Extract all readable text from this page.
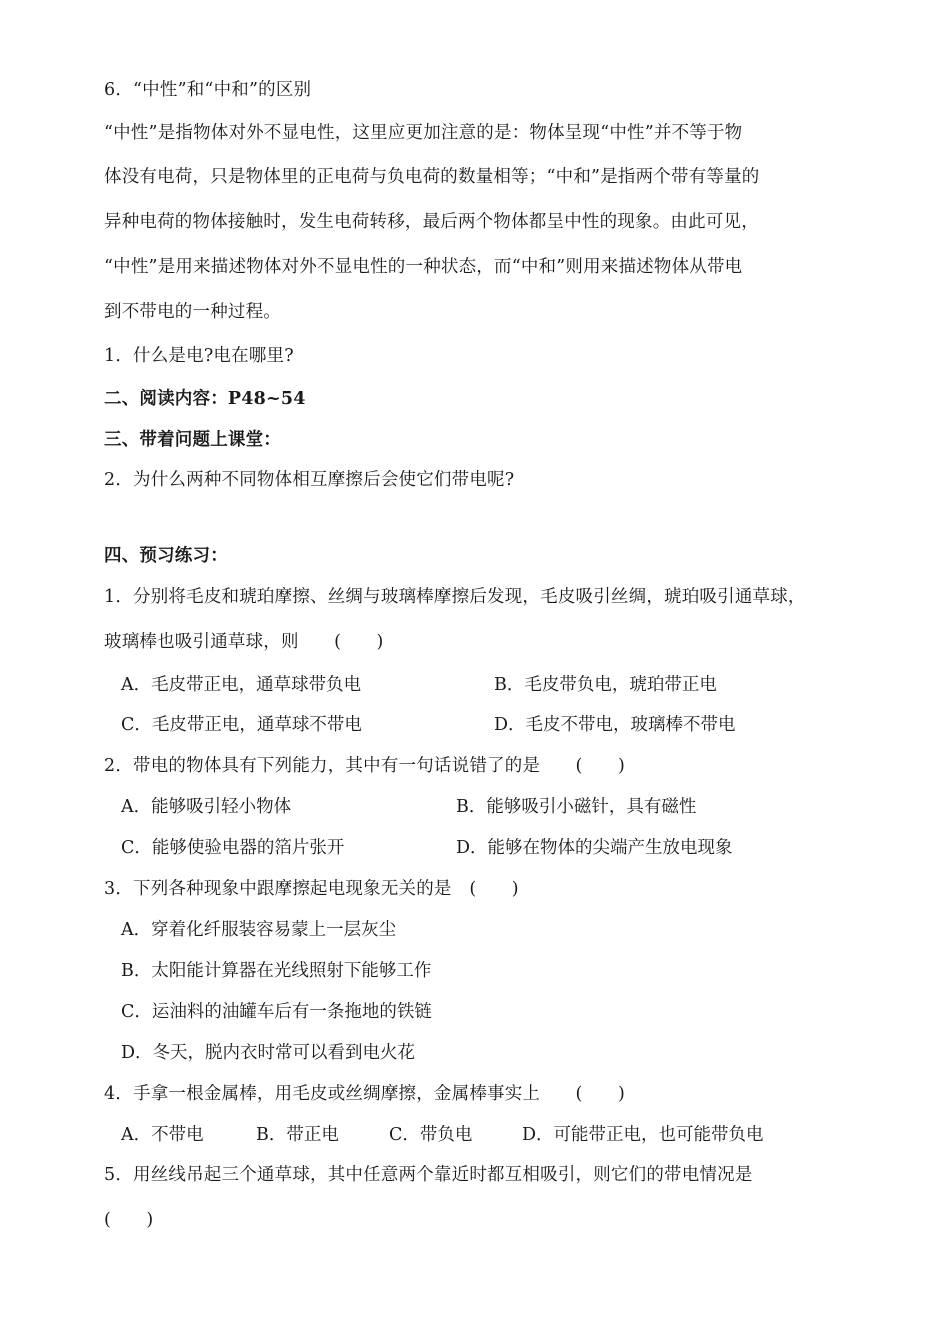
6．“中性”和“中和”的区别
“中性”是指物体对外不显电性，这里应更加注意的是：物体呈现“中性”并不等于物
体没有电荷，只是物体里的正电荷与负电荷的数量相等；“中和”是指两个带有等量的
异种电荷的物体接触时，发生电荷转移，最后两个物体都呈中性的现象。由此可见，
“中性”是用来描述物体对外不显电性的一种状态，而“中和”则用来描述物体从带电
到不带电的一种过程。
1．什么是电?电在哪里?
二、阅读内容：P48~54
三、带着问题上课堂：
2．为什么两种不同物体相互摩擦后会使它们带电呢?
四、预习练习：
1．分别将毛皮和琥珀摩擦、丝绸与玻璃棒摩擦后发现，毛皮吸引丝绸，琥珀吸引通草球，
玻璃棒也吸引通草球，则　　(　　)
A．毛皮带正电，通草球带负电	B．毛皮带负电，琥珀带正电
C．毛皮带正电，通草球不带电	D．毛皮不带电，玻璃棒不带电
2．带电的物体具有下列能力，其中有一句话说错了的是　　(　　)
A．能够吸引轻小物体	B．能够吸引小磁针，具有磁性
C．能够使验电器的箔片张开	D．能够在物体的尖端产生放电现象
3．下列各种现象中跟摩擦起电现象无关的是　(　　)
A．穿着化纤服装容易蒙上一层灰尘
B．太阳能计算器在光线照射下能够工作
C．运油料的油罐车后有一条拖地的铁链
D．冬天，脱内衣时常可以看到电火花
4．手拿一根金属棒，用毛皮或丝绸摩擦，金属棒事实上　　(　　)
A．不带电	B．带正电	C．带负电	D．可能带正电，也可能带负电
5．用丝线吊起三个通草球，其中任意两个靠近时都互相吸引，则它们的带电情况是
(　　)
